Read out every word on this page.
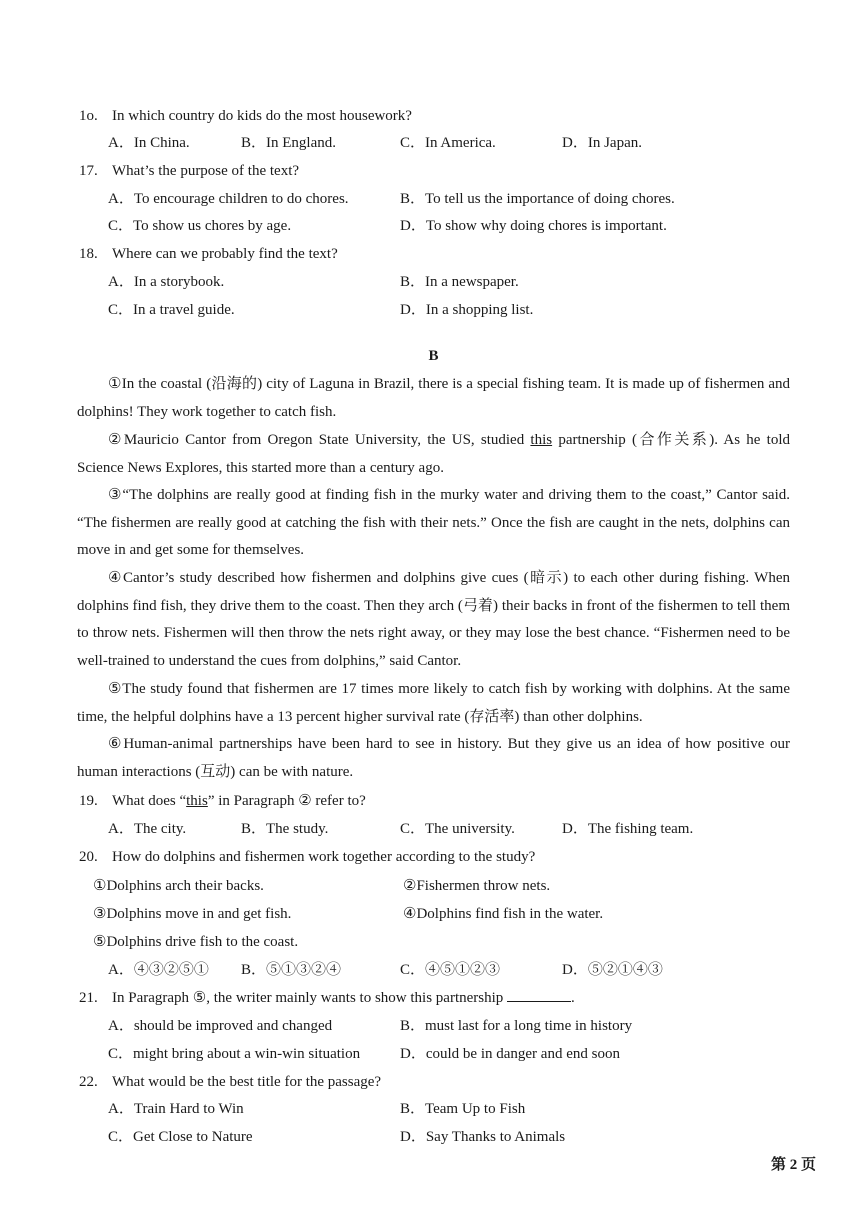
1o. In which country do kids do the most housework?
A．In China.	B．In England.	C．In America.	D．In Japan.
17. What’s the purpose of the text?
A．To encourage children to do chores.	B．To tell us the importance of doing chores.
C．To show us chores by age.	D．To show why doing chores is important.
18. Where can we probably find the text?
A．In a storybook.	B．In a newspaper.
C．In a travel guide.	D．In a shopping list.
B
①In the coastal (沿海的) city of Laguna in Brazil, there is a special fishing team. It is made up of fishermen and dolphins! They work together to catch fish.
②Mauricio Cantor from Oregon State University, the US, studied this partnership (合作关系). As he told Science News Explores, this started more than a century ago.
③“The dolphins are really good at finding fish in the murky water and driving them to the coast,” Cantor said. “The fishermen are really good at catching the fish with their nets.” Once the fish are caught in the nets, dolphins can move in and get some for themselves.
④Cantor’s study described how fishermen and dolphins give cues (暗示) to each other during fishing. When dolphins find fish, they drive them to the coast. Then they arch (弓着) their backs in front of the fishermen to tell them to throw nets. Fishermen will then throw the nets right away, or they may lose the best chance. “Fishermen need to be well-trained to understand the cues from dolphins,” said Cantor.
⑤The study found that fishermen are 17 times more likely to catch fish by working with dolphins. At the same time, the helpful dolphins have a 13 percent higher survival rate (存活率) than other dolphins.
⑥Human-animal partnerships have been hard to see in history. But they give us an idea of how positive our human interactions (互动) can be with nature.
19. What does “this” in Paragraph ② refer to?
A．The city.	B．The study.	C．The university.	D．The fishing team.
20. How do dolphins and fishermen work together according to the study?
①Dolphins arch their backs.	②Fishermen throw nets.
③Dolphins move in and get fish.	④Dolphins find fish in the water.
⑤Dolphins drive fish to the coast.
A．④③②⑤① B．⑤①③②④	C．④⑤①②③	D．⑤②①④③
21. In Paragraph ⑤, the writer mainly wants to show this partnership	.
A．should be improved and changed	B．must last for a long time in history
C．might bring about a win-win situation	D．could be in danger and end soon
22. What would be the best title for the passage?
A．Train Hard to Win	B．Team Up to Fish
C．Get Close to Nature	D．Say Thanks to Animals
第 2 页
